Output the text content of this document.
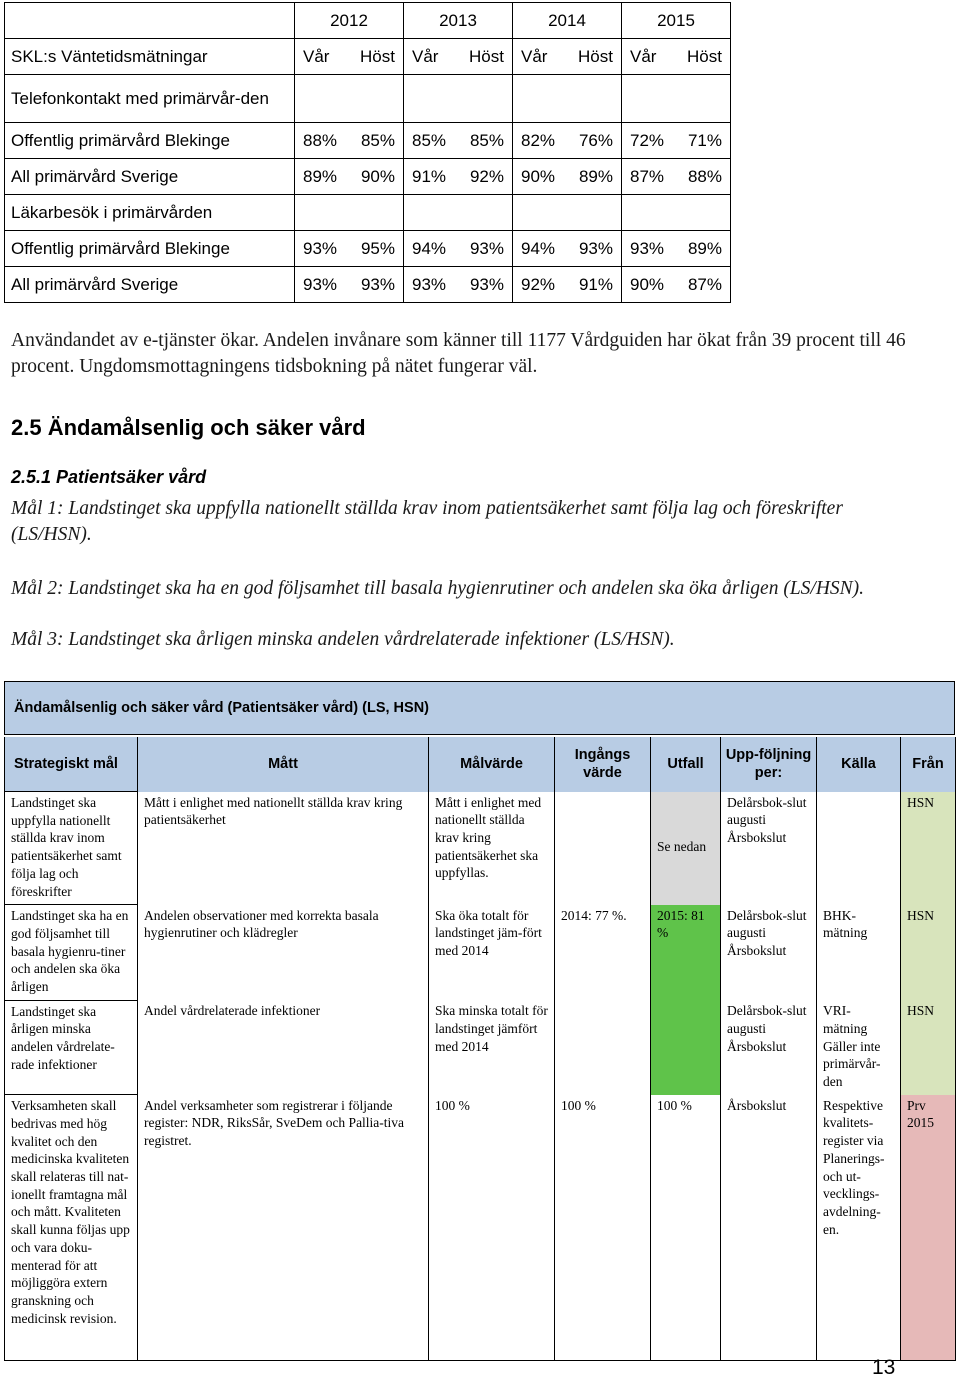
	2012	2013	2014	2015
SKL:s Väntetidsmätningar	Vår Höst	Vår Höst	Vår Höst	Vår Höst

Telefonkontakt med primärvår-den				
Offentlig primärvård Blekinge	88% 85%	85% 85%	82% 76%	72% 71%

All primärvård Sverige	89% 90%	91% 92%	90% 89%	87% 88%

Läkarbesök i primärvården				
Offentlig primärvård Blekinge	93% 95%	94% 93%	94% 93%	93% 89%

All primärvård Sverige	93% 93%	93% 93%	92% 91%	90% 87%
Användandet av e-tjänster ökar. Andelen invånare som känner till 1177 Vårdguiden har ökat från 39 procent till 46 procent. Ungdomsmottagningens tidsbokning på nätet fungerar väl.
2.5 Ändamålsenlig och säker vård
2.5.1 Patientsäker vård
Mål 1: Landstinget ska uppfylla nationellt ställda krav inom patientsäkerhet samt följa lag och föreskrifter (LS/HSN).
Mål 2: Landstinget ska ha en god följsamhet till basala hygienrutiner och andelen ska öka årligen (LS/HSN).
Mål 3: Landstinget ska årligen minska andelen vårdrelaterade infektioner (LS/HSN).
Ändamålsenlig och säker vård (Patientsäker vård) (LS, HSN)
Strategiskt mål	Mått	Målvärde	Ingångs värde	Utfall	Upp-följning per:	Källa	Från
Landstinget ska uppfylla nationellt ställda krav inom patientsäkerhet samt följa lag och föreskrifter	Mått i enlighet med nationellt ställda krav kring patientsäkerhet	Mått i enlighet med nationellt ställda krav kring patientsäkerhet ska uppfyllas.		Se nedan	Delårsbok-slut augusti Årsbokslut		HSN
Landstinget ska ha en god följsamhet till basala hygienru-tiner och andelen ska öka årligen	Andelen observationer med korrekta basala hygienrutiner och klädregler	Ska öka totalt för landstinget jäm-fört med 2014	2014: 77 %.	2015: 81 %	Delårsbok-slut augusti Årsbokslut	BHK-mätning	HSN
Landstinget ska årligen minska andelen vårdrelate-rade infektioner	Andel vårdrelaterade infektioner	Ska minska totalt för landstinget jämfört med 2014			Delårsbok-slut augusti Årsbokslut	VRI-mätning Gäller inte primärvår-den	HSN
Verksamheten skall bedrivas med hög kvalitet och den medicinska kvaliteten skall relateras till nat-ionellt framtagna mål och mått. Kvaliteten skall kunna följas upp och vara doku-menterad för att möjliggöra extern granskning och medicinsk revision.	Andel verksamheter som registrerar i följande register: NDR, RiksSår, SveDem och Pallia-tiva registret.	100 %	100 %	100 %	Årsbokslut	Respektive kvalitets-register via Planerings-och ut-vecklings-avdelning-en.	Prv 2015
13
